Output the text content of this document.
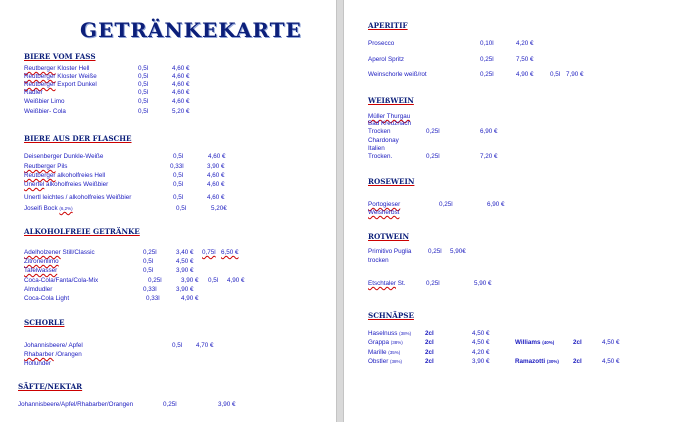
GETRÄNKEKARTE
BIERE VOM FASS
Reutberger Kloster Hell	0,5l	4,60 €
Reutberger Kloster Weiße	0,5l	4,60 €
Reutberger Export Dunkel	0,5l	4,60 €
Radler	0,5l	4,60 €
Weißbier Limo	0,5l	4,60 €
Weißbier- Cola	0,5l	5,20 €
BIERE AUS DER FLASCHE
Deisenberger Dunkle-Weiße	0,5l	4,60 €
Reutberger Pils	0,33l	3,90 €
Reutberger alkoholfreies Hell	0,5l	4,60 €
Unertel alkoholfreies Weißbier	0,5l	4,60 €
Unertl leichtes / alkoholfreies Weißbier	0,5l	4,60 €
Joseifi Bock (6,2%)	0,5l	5,20€
ALKOHOLFREIE GETRÄNKE
Adelholzener Still/Classic	0,25l	3,40 € 0,75l 6,50 €
Zitronenlimo	0,5l	4,50 €
Tafelwasser	0,5l	3,90 €
Coca-Cola/Fanta/Cola-Mix	0,25l	3,90 € 0,5l 4,90 €
Almdudler	0,33l	3,90 €
Coca-Cola Light	0,33l	4,90 €
SCHORLE
Johannisbeere/ Apfel	0,5l 4,70 €
Rhabarber /Orangen
Hollunder
SÄFTE/NEKTAR
Johannisbeere/Apfel/Rhabarber/Orangen	0,25l	3,90 €
APERITIF
Prosecco	0,10l	4,20 €
Aperol Spritz	0,25l	7,50 €
Weinschorle weiß/rot	0,25l	4,90 €	0,5l 7,90 €
WEIßWEIN
Müller Thurgau
Bad Kreuznach
Trocken	0,25l	6,90 €
Chardonay
Italien
Trocken.	0,25l	7,20 €
ROSEWEIN
Portogieser	0,25l	6,90 €
Weisherbst
ROTWEIN
Primitivo Puglia	0,25l 5,90€
trocken
Etschtaler St.	0,25l	5,90 €
SCHNÄPSE
Haselnuss (38%) 2cl	4,50 €
Grappa (38%)	2cl	4,50 €	Williams (40%)	2cl	4,50 €
Marille (35%)	2cl	4,20 €
Obstler (38%)	2cl	3,90 €	Ramazotti (30%) 2cl	4,50 €
